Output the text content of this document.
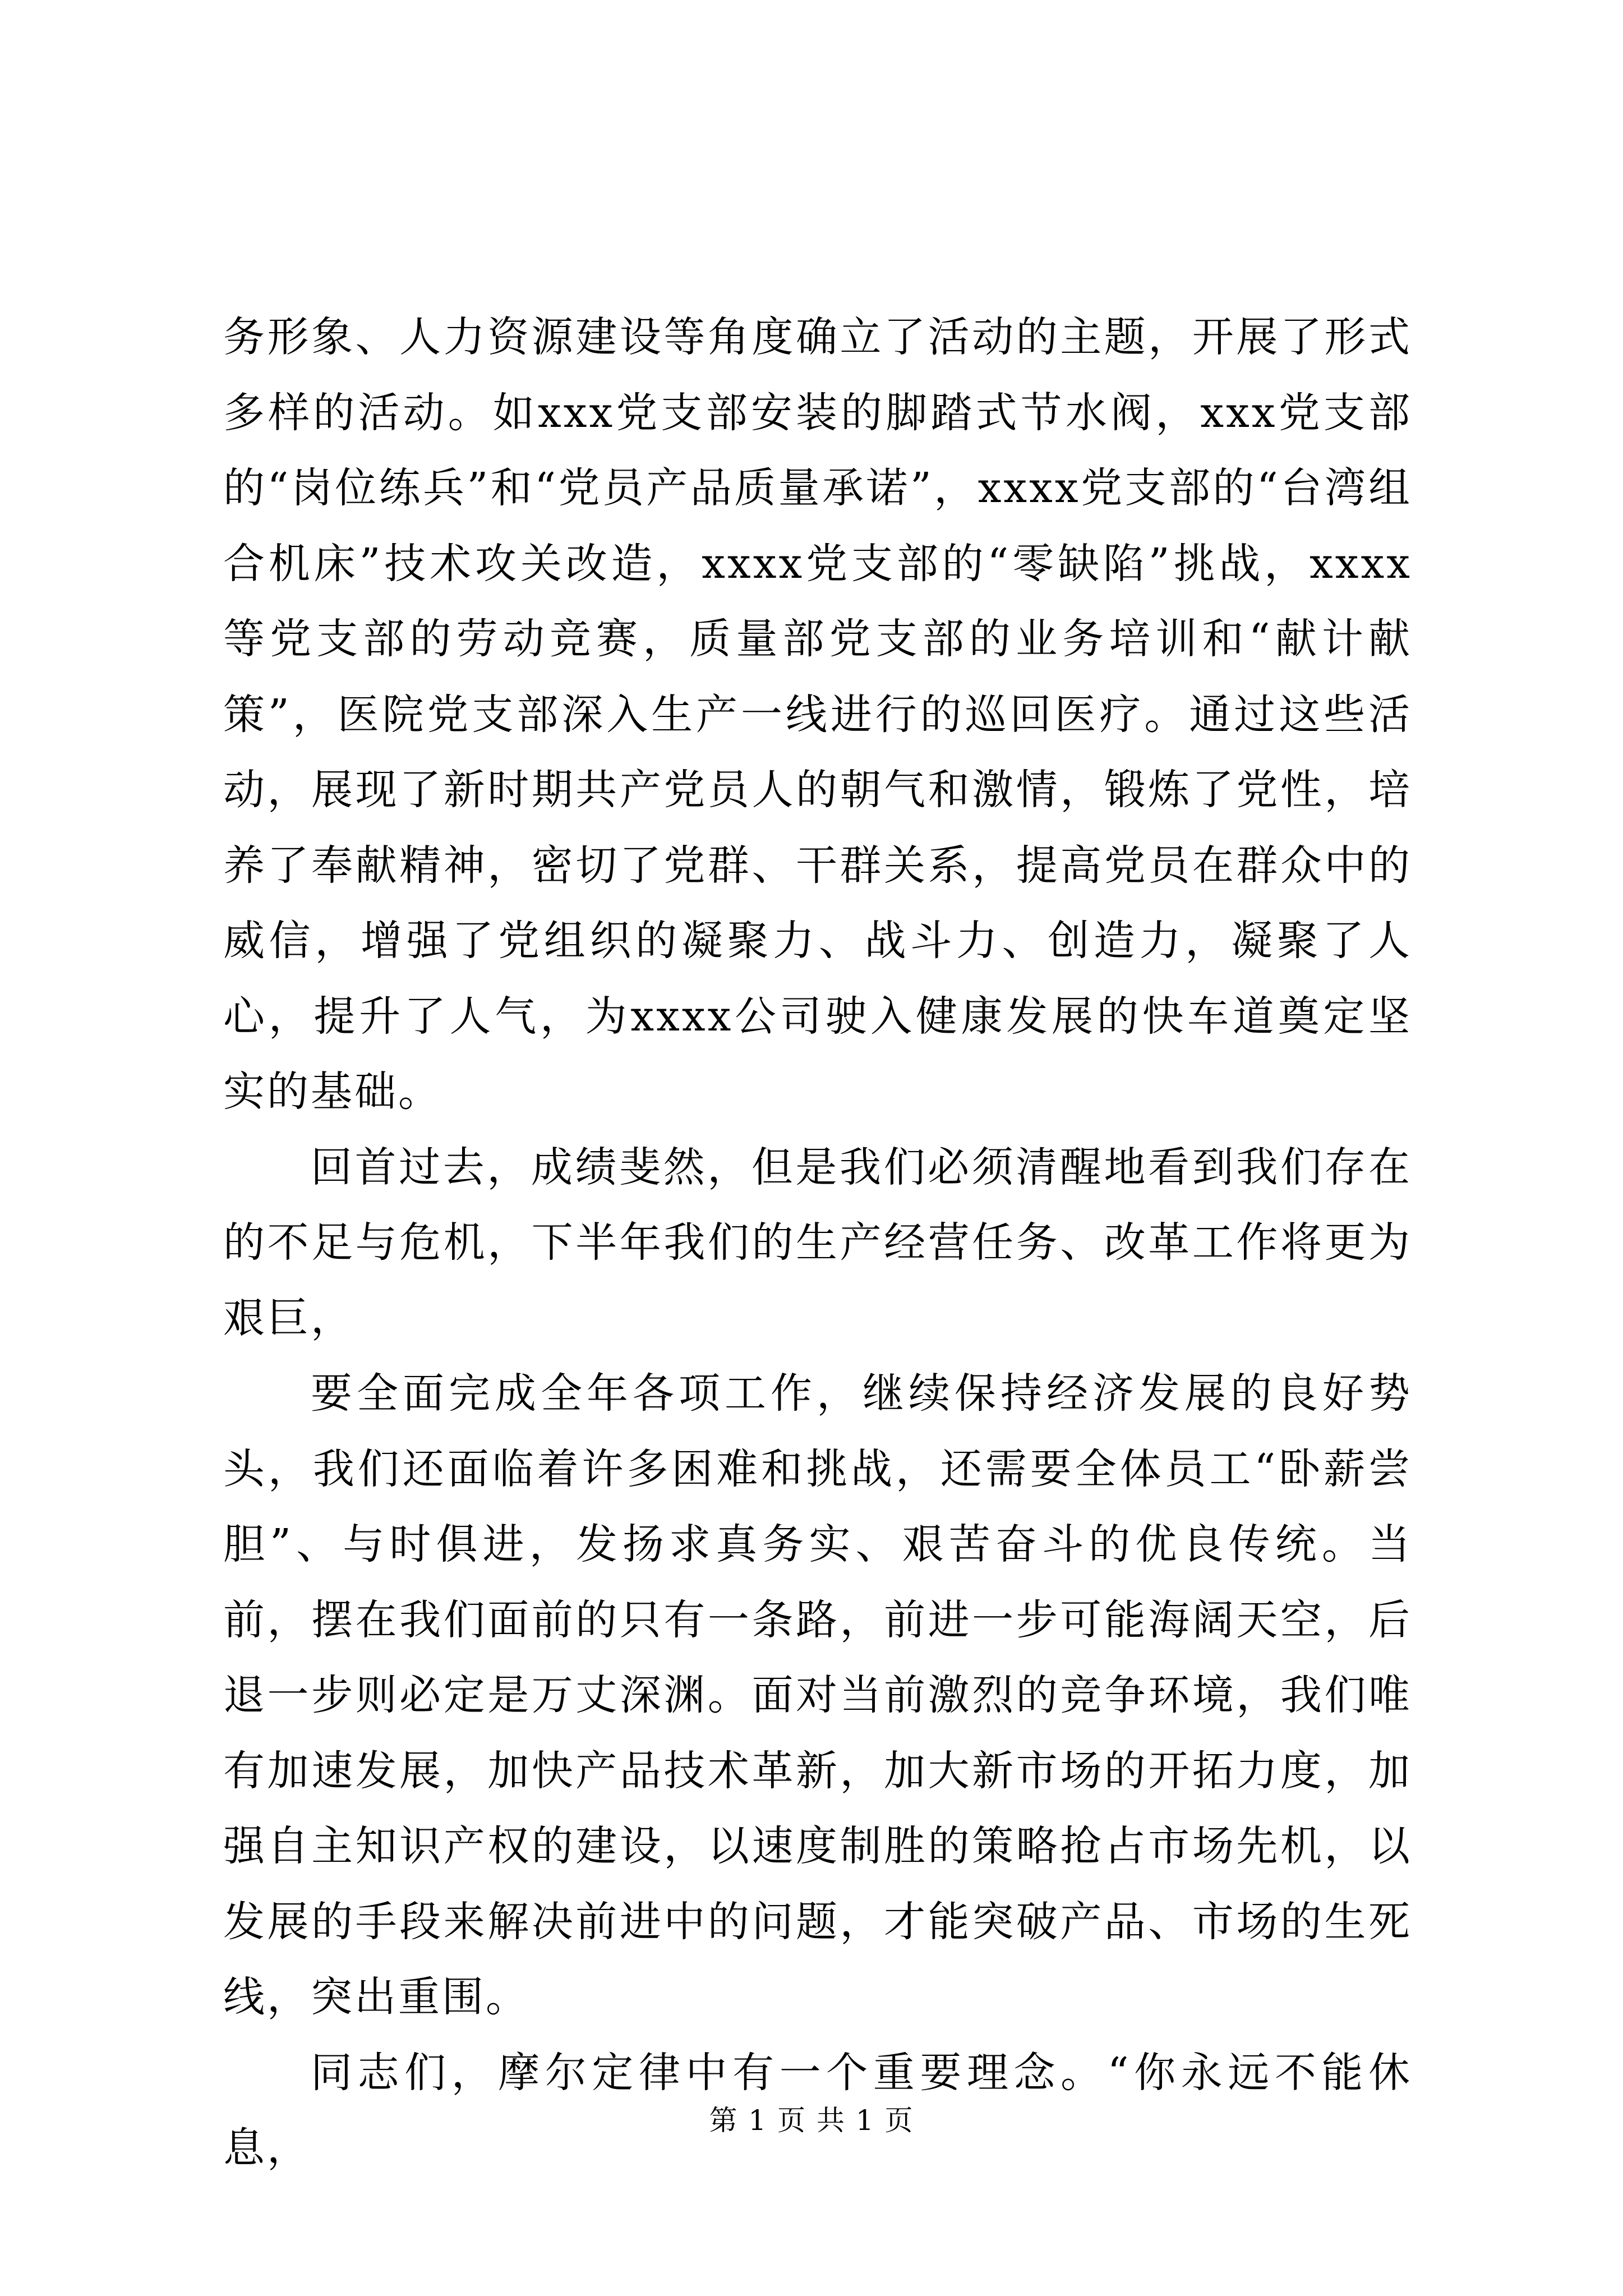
务形象、人力资源建设等角度确立了活动的主题，开展了形式多样的活动。如xxx党支部安装的脚踏式节水阀，xxx党支部的“岗位练兵”和“党员产品质量承诺”，xxxx党支部的“台湾组合机床”技术攻关改造，xxxx党支部的“零缺陷”挑战，xxxx等党支部的劳动竞赛，质量部党支部的业务培训和“献计献策”，医院党支部深入生产一线进行的巡回医疗。通过这些活动，展现了新时期共产党员人的朝气和激情，锻炼了党性，培养了奉献精神，密切了党群、干群关系，提高党员在群众中的威信，增强了党组织的凝聚力、战斗力、创造力，凝聚了人心，提升了人气，为xxxx公司驶入健康发展的快车道奠定坚实的基础。

回首过去，成绩斐然，但是我们必须清醒地看到我们存在的不足与危机，下半年我们的生产经营任务、改革工作将更为艰巨，

要全面完成全年各项工作，继续保持经济发展的良好势头，我们还面临着许多困难和挑战，还需要全体员工“卧薪尝胆”、与时俱进，发扬求真务实、艰苦奋斗的优良传统。当前，摆在我们面前的只有一条路，前进一步可能海阔天空，后退一步则必定是万丈深渊。面对当前激烈的竞争环境，我们唯有加速发展，加快产品技术革新，加大新市场的开拓力度，加强自主知识产权的建设，以速度制胜的策略抢占市场先机，以发展的手段来解决前进中的问题，才能突破产品、市场的生死线，突出重围。

同志们，摩尔定律中有一个重要理念。“你永远不能休息，

第 1 页 共 1 页
